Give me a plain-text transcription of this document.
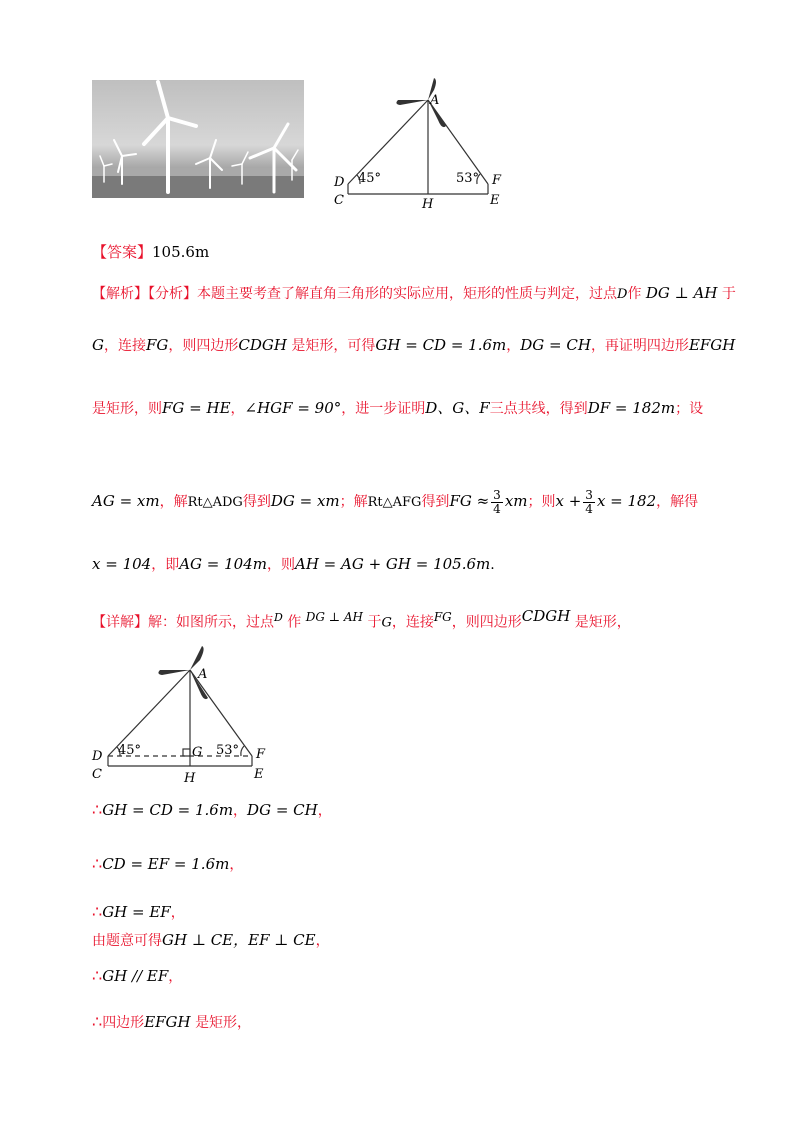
A
D
C	H
F
E
45°	53°
【答案】105.6m
【解析】【分析】本题主要考查了解直角三角形的实际应用，矩形的性质与判定，过点D作 DG ⊥ AH 于
G，连接FG，则四边形CDGH 是矩形，可得GH = CD = 1.6m，DG = CH，再证明四边形EFGH
是矩形，则FG = HE，∠HGF = 90°，进一步证明D、G、F三点共线，得到DF = 182m；设
AG = xm，解Rt△ADG得到DG = xm；解Rt△AFG得到FG ≈ $\frac{3}{4}$ xm；则$x + \frac{3}{4}$ x = 182，解得
x = 104，即AG = 104m，则AH = AG + GH = 105.6m.
【详解】解：如图所示，过点$^D$ 作 $^{DG \perp AH}$ 于G，连接$^{FG}$，则四边形$^{CDGH}$ 是矩形，
A
D
C
G
H
F
E
45°	53°
∴GH = CD = 1.6m，DG = CH，
∴CD = EF = 1.6m，
∴GH = EF，
由题意可得GH ⊥ CE，EF ⊥ CE，
∴GH // EF，
∴四边形EFGH 是矩形，
